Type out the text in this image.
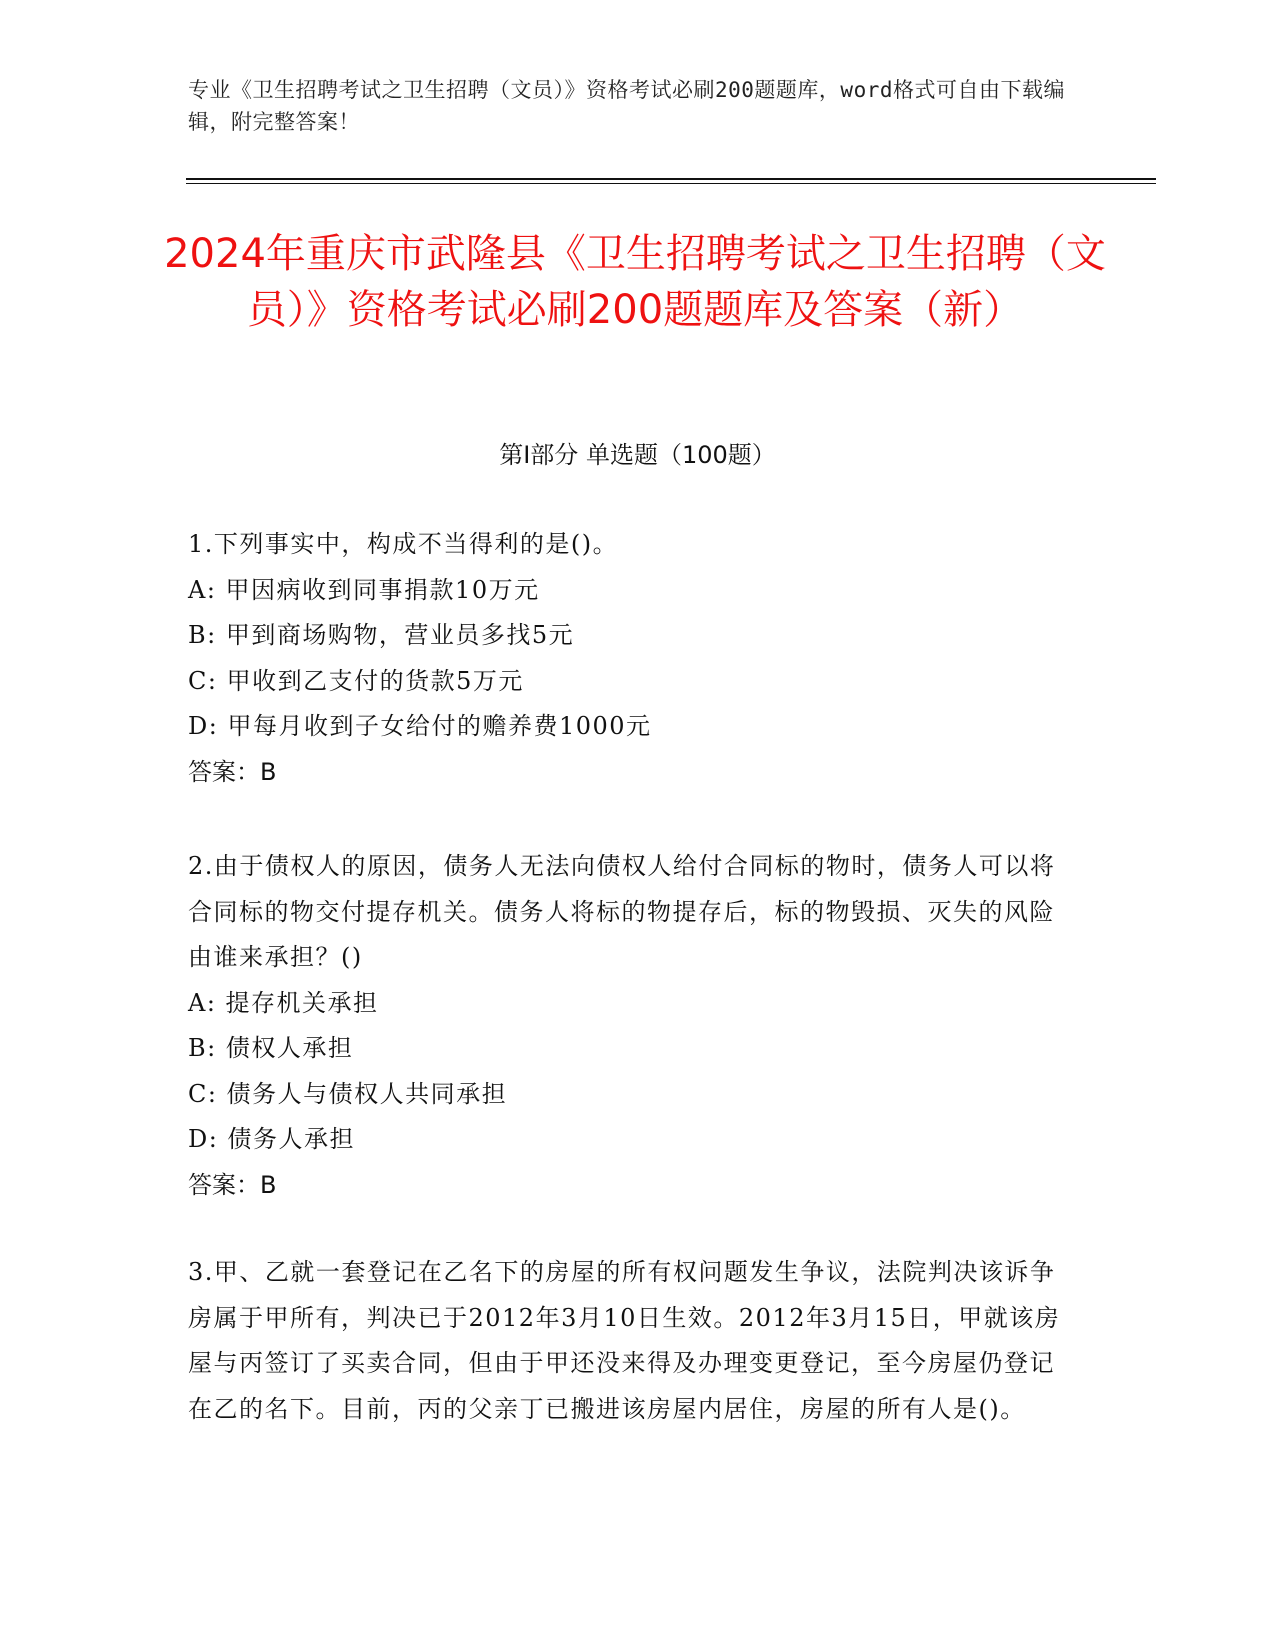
专业《卫生招聘考试之卫生招聘（文员）》资格考试必刷200题题库，word格式可自由下载编辑，附完整答案！
2024年重庆市武隆县《卫生招聘考试之卫生招聘（文员）》资格考试必刷200题题库及答案（新）
第Ⅰ部分 单选题（100题）
1.下列事实中，构成不当得利的是()。
A: 甲因病收到同事捐款10万元
B: 甲到商场购物，营业员多找5元
C: 甲收到乙支付的货款5万元
D: 甲每月收到子女给付的赡养费1000元
答案：B
2.由于债权人的原因，债务人无法向债权人给付合同标的物时，债务人可以将合同标的物交付提存机关。债务人将标的物提存后，标的物毁损、灭失的风险由谁来承担？()
A: 提存机关承担
B: 债权人承担
C: 债务人与债权人共同承担
D: 债务人承担
答案：B
3.甲、乙就一套登记在乙名下的房屋的所有权问题发生争议，法院判决该诉争房属于甲所有，判决已于2012年3月10日生效。2012年3月15日，甲就该房屋与丙签订了买卖合同，但由于甲还没来得及办理变更登记，至今房屋仍登记在乙的名下。目前，丙的父亲丁已搬进该房屋内居住，房屋的所有人是()。
